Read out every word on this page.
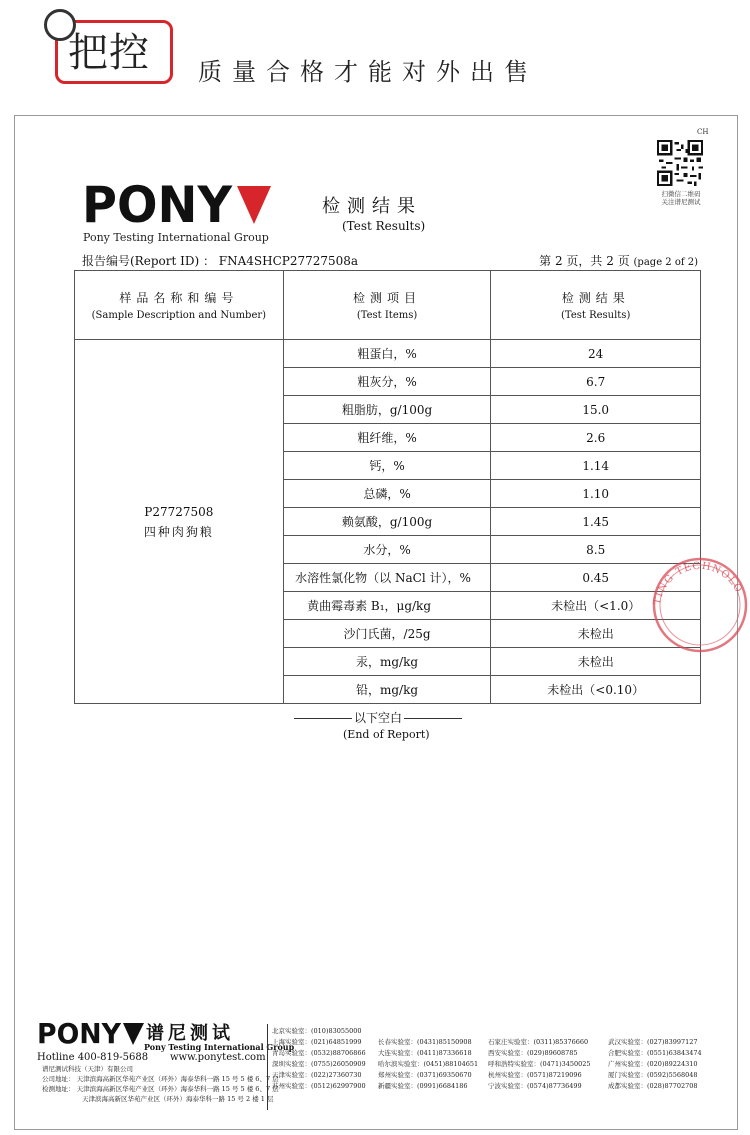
把控 质量合格才能对外出售
CH
扫微信二维码
关注谱尼测试
PONY
Pony Testing International Group
检测结果
(Test Results)
报告编号(Report ID) ： FNA4SHCP27727508a	第 2 页，共 2 页 (page 2 of 2)
样品名称和编号
(Sample Description and Number)	检测项目
(Test Items)	检测结果
(Test Results)

P27727508
四种肉狗粮	粗蛋白，%	24
	粗灰分，%	6.7
	粗脂肪，g/100g	15.0
	粗纤维，%	2.6
	钙，%	1.14
	总磷，%	1.10
	赖氨酸，g/100g	1.45
	水分，%	8.5
	水溶性氯化物（以 NaCl 计），%	0.45
	黄曲霉毒素 B₁，μg/kg	未检出（<1.0）
	沙门氏菌，/25g	未检出
	汞，mg/kg	未检出
	铅，mg/kg	未检出（<0.10）
以下空白
(End of Report)
TING TECHNOLO
PONY 谱尼测试
Pony Testing International Group
Hotline 400-819-5688 www.ponytest.com
谱尼测试科技（天津）有限公司
公司地址： 天津滨海高新区华苑产业区（环外）海泰华科一路 15 号 5 楼 6、7 层
检测地址： 天津滨海高新区华苑产业区（环外）海泰华科一路 15 号 5 楼 6、7 层
天津滨海高新区华苑产业区（环外）海泰华科一路 15 号 2 楼 1 层
北京实验室：(010)83055000
上海实验室：(021)64851999	长春实验室：(0431)85150908	石家庄实验室：(0311)85376660	武汉实验室：(027)83997127
青岛实验室：(0532)88706866 大连实验室：(0411)87336618	西安实验室：(029)89608785	合肥实验室：(0551)63843474
深圳实验室：(0755)26050909 哈尔滨实验室：(0451)88104651 呼和浩特实验室：(0471)3450025	广州实验室：(020)89224310
天津实验室：(022)27360730	郑州实验室：(0371)69350670	杭州实验室：(0571)87219096	厦门实验室：(0592)5568048
苏州实验室：(0512)62997900 新疆实验室：(0991)6684186	宁波实验室：(0574)87736499	成都实验室：(028)87702708
